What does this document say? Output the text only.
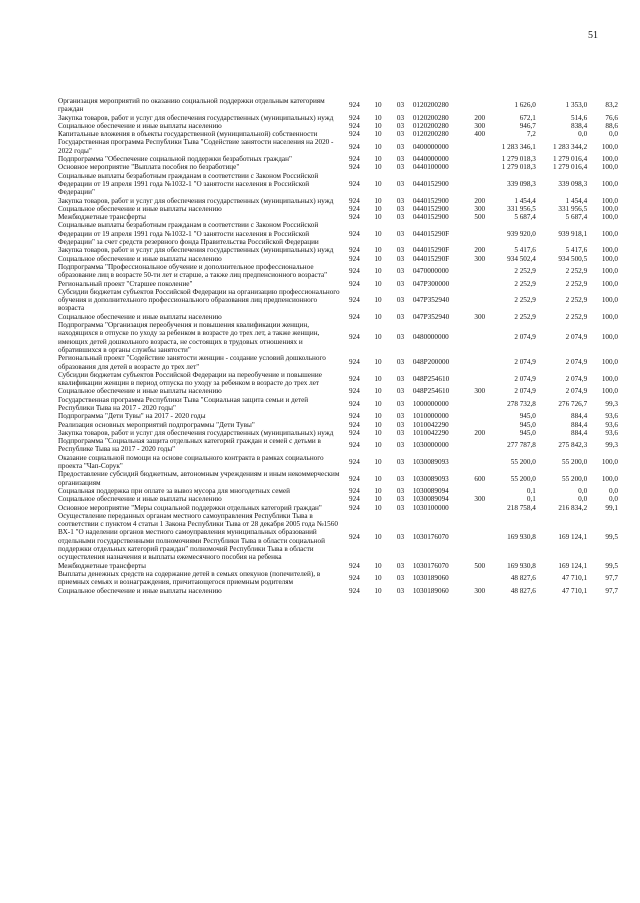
51
Организация мероприятий по оказанию социальной поддержки отдельным категориям граждан	924	10	03	0120200280		1 626,0	1 353,0	83,2
Закупка товаров, работ и услуг для обеспечения государственных (муниципальных) нужд	924	10	03	0120200280	200	672,1	514,6	76,6
Социальное обеспечение и иные выплаты населению	924	10	03	0120200280	300	946,7	838,4	88,6
Капитальные вложения в объекты государственной (муниципальной) собственности	924	10	03	0120200280	400	7,2	0,0	0,0
Государственная программа Республики Тыва "Содействие занятости населения на 2020 - 2022 годы"	924	10	03	0400000000		1 283 346,1	1 283 344,2	100,0
Подпрограмма "Обеспечение социальной поддержки безработных граждан"	924	10	03	0440000000		1 279 018,3	1 279 016,4	100,0
Основное мероприятие "Выплата пособия по безработице"	924	10	03	0440100000		1 279 018,3	1 279 016,4	100,0
Социальные выплаты безработным гражданам в соответствии с Законом Российской Федерации от 19 апреля 1991 года №1032-1 "О занятости населения в Российской Федерации"	924	10	03	0440152900		339 098,3	339 098,3	100,0
Закупка товаров, работ и услуг для обеспечения государственных (муниципальных) нужд	924	10	03	0440152900	200	1 454,4	1 454,4	100,0
Социальное обеспечение и иные выплаты населению	924	10	03	0440152900	300	331 956,5	331 956,5	100,0
Межбюджетные трансферты	924	10	03	0440152900	500	5 687,4	5 687,4	100,0
Социальные выплаты безработным гражданам в соответствии с Законом Российской Федерации от 19 апреля 1991 года №1032-1 "О занятости населения в Российской Федерации" за счет средств резервного фонда Правительства Российской Федерации	924	10	03	044015290F		939 920,0	939 918,1	100,0
Закупка товаров, работ и услуг для обеспечения государственных (муниципальных) нужд	924	10	03	044015290F	200	5 417,6	5 417,6	100,0
Социальное обеспечение и иные выплаты населению	924	10	03	044015290F	300	934 502,4	934 500,5	100,0
Подпрограмма "Профессиональное обучение и дополнительное профессиональное образование лиц в возрасте 50-ти лет и старше, а также лиц предпенсионного возраста"	924	10	03	0470000000		2 252,9	2 252,9	100,0
Региональный проект "Старшее поколение"	924	10	03	047P300000		2 252,9	2 252,9	100,0
Субсидии бюджетам субъектов Российской Федерации на организацию профессионального обучения и дополнительного профессионального образования лиц предпенсионного возраста	924	10	03	047P352940		2 252,9	2 252,9	100,0
Социальное обеспечение и иные выплаты населению	924	10	03	047P352940	300	2 252,9	2 252,9	100,0
Подпрограмма "Организация переобучения и повышения квалификации женщин, находящихся в отпуске по уходу за ребенком в возрасте до трех лет, а также женщин, имеющих детей дошкольного возраста, не состоящих в трудовых отношениях и обратившихся в органы службы занятости"	924	10	03	0480000000		2 074,9	2 074,9	100,0
Региональный проект "Содействие занятости женщин - создание условий дошкольного образования для детей в возрасте до трех лет"	924	10	03	048P200000		2 074,9	2 074,9	100,0
Субсидии бюджетам субъектов Российской Федерации на переобучение и повышение квалификации женщин в период отпуска по уходу за ребенком в возрасте до трех лет	924	10	03	048P254610		2 074,9	2 074,9	100,0
Социальное обеспечение и иные выплаты населению	924	10	03	048P254610	300	2 074,9	2 074,9	100,0
Государственная программа Республики Тыва "Социальная защита семьи и детей Республики Тыва на 2017 - 2020 годы"	924	10	03	1000000000		278 732,8	276 726,7	99,3
Подпрограмма "Дети Тувы" на 2017 - 2020 годы	924	10	03	1010000000		945,0	884,4	93,6
Реализация основных мероприятий подпрограммы "Дети Тувы"	924	10	03	1010042290		945,0	884,4	93,6
Закупка товаров, работ и услуг для обеспечения государственных (муниципальных) нужд	924	10	03	1010042290	200	945,0	884,4	93,6
Подпрограмма "Социальная защита отдельных категорий граждан и семей с детьми в Республике Тыва на 2017 - 2020 годы"	924	10	03	1030000000		277 787,8	275 842,3	99,3
Оказание социальной помощи на основе социального контракта в рамках социального проекта "Чап-Сорук"	924	10	03	1030089093		55 200,0	55 200,0	100,0
Предоставление субсидий бюджетным, автономным учреждениям и иным некоммерческим организациям	924	10	03	1030089093	600	55 200,0	55 200,0	100,0
Социальная поддержка при оплате за вывоз мусора для многодетных семей	924	10	03	1030089094		0,1	0,0	0,0
Социальное обеспечение и иные выплаты населению	924	10	03	1030089094	300	0,1	0,0	0,0
Основное мероприятие "Меры социальной поддержки отдельных категорий граждан"	924	10	03	1030100000		218 758,4	216 834,2	99,1
Осуществление переданных органам местного самоуправления Республики Тыва в соответствии с пунктом 4 статьи 1 Закона Республики Тыва от 28 декабря 2005 года №1560 ВХ-1 "О наделении органов местного самоуправления муниципальных образований отдельными государственными полномочиями Республики Тыва в области социальной поддержки отдельных категорий граждан" полномочий Республики Тыва в области осуществления назначения и выплаты ежемесячного пособия на ребенка	924	10	03	1030176070		169 930,8	169 124,1	99,5
Межбюджетные трансферты	924	10	03	1030176070	500	169 930,8	169 124,1	99,5
Выплаты денежных средств на содержание детей в семьях опекунов (попечителей), в приемных семьях и вознаграждения, причитающегося приемным родителям	924	10	03	1030189060		48 827,6	47 710,1	97,7
Социальное обеспечение и иные выплаты населению	924	10	03	1030189060	300	48 827,6	47 710,1	97,7
